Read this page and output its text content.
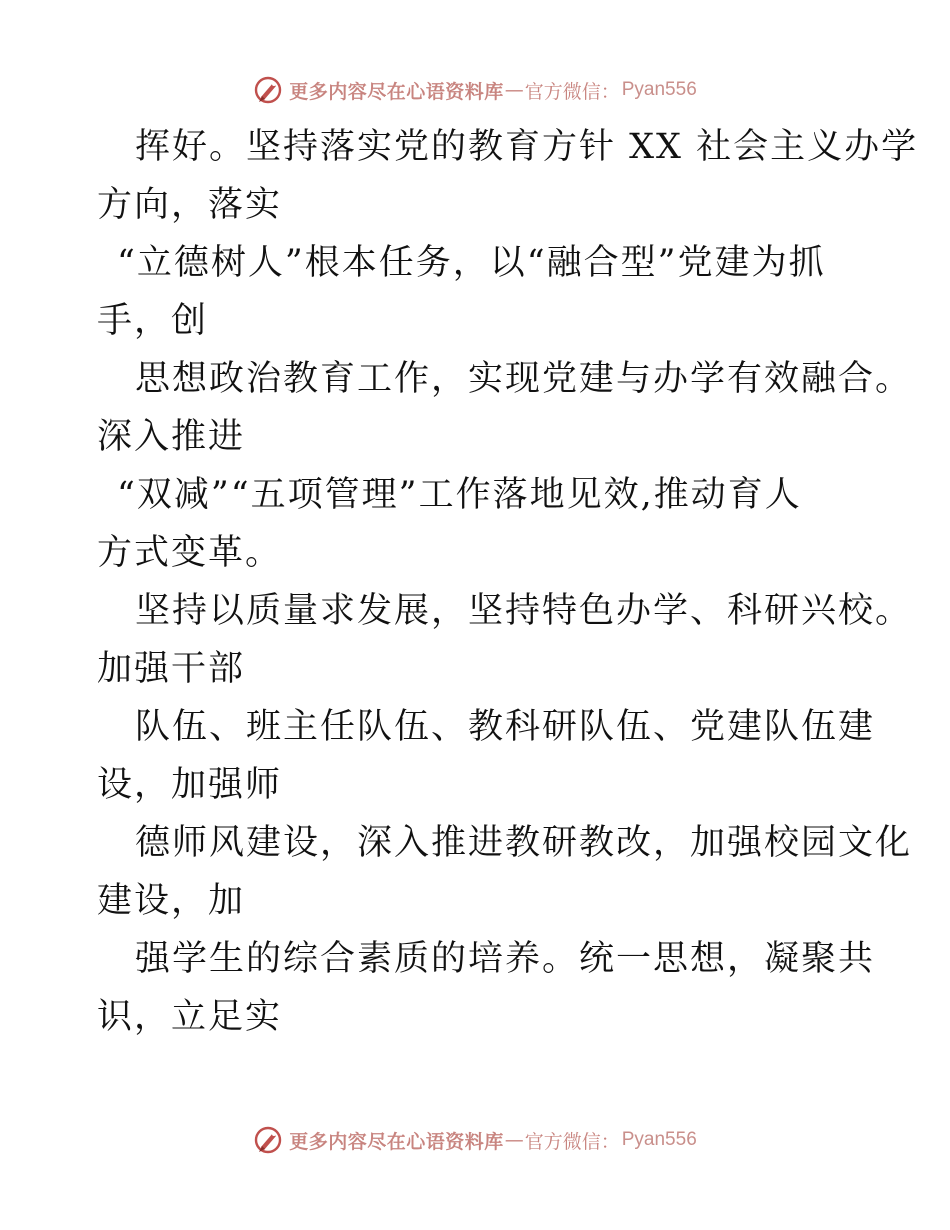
更多内容尽在心语资料库 — 官方微信： Pyan556
挥好。坚持落实党的教育方针 XX 社会主义办学
方向，落实
“立德树人”根本任务，以“融合型”党建为抓
手，创
思想政治教育工作，实现党建与办学有效融合。
深入推进
“双减”“五项管理”工作落地见效,推动育人
方式变革。
坚持以质量求发展，坚持特色办学、科研兴校。
加强干部
队伍、班主任队伍、教科研队伍、党建队伍建
设，加强师
德师风建设，深入推进教研教改，加强校园文化
建设，加
强学生的综合素质的培养。统一思想，凝聚共
识，立足实
更多内容尽在心语资料库 — 官方微信： Pyan556
